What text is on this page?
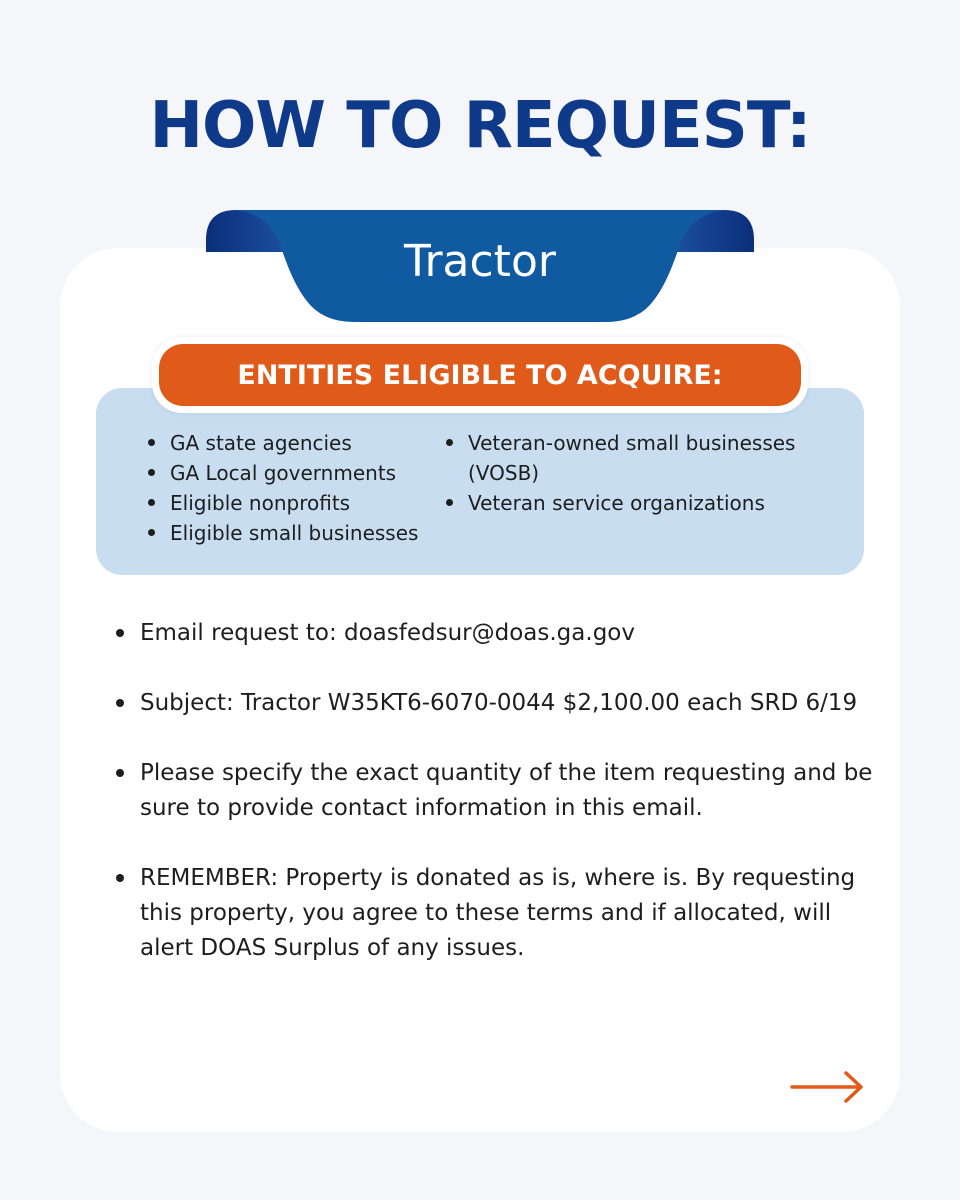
HOW TO REQUEST:
Tractor
ENTITIES ELIGIBLE TO ACQUIRE:
GA state agencies
GA Local governments
Eligible nonprofits
Eligible small businesses
Veteran-owned small businesses (VOSB)
Veteran service organizations
Email request to: doasfedsur@doas.ga.gov
Subject: Tractor W35KT6-6070-0044 $2,100.00 each SRD 6/19
Please specify the exact quantity of the item requesting and be sure to provide contact information in this email.
REMEMBER: Property is donated as is, where is. By requesting this property, you agree to these terms and if allocated, will alert DOAS Surplus of any issues.
